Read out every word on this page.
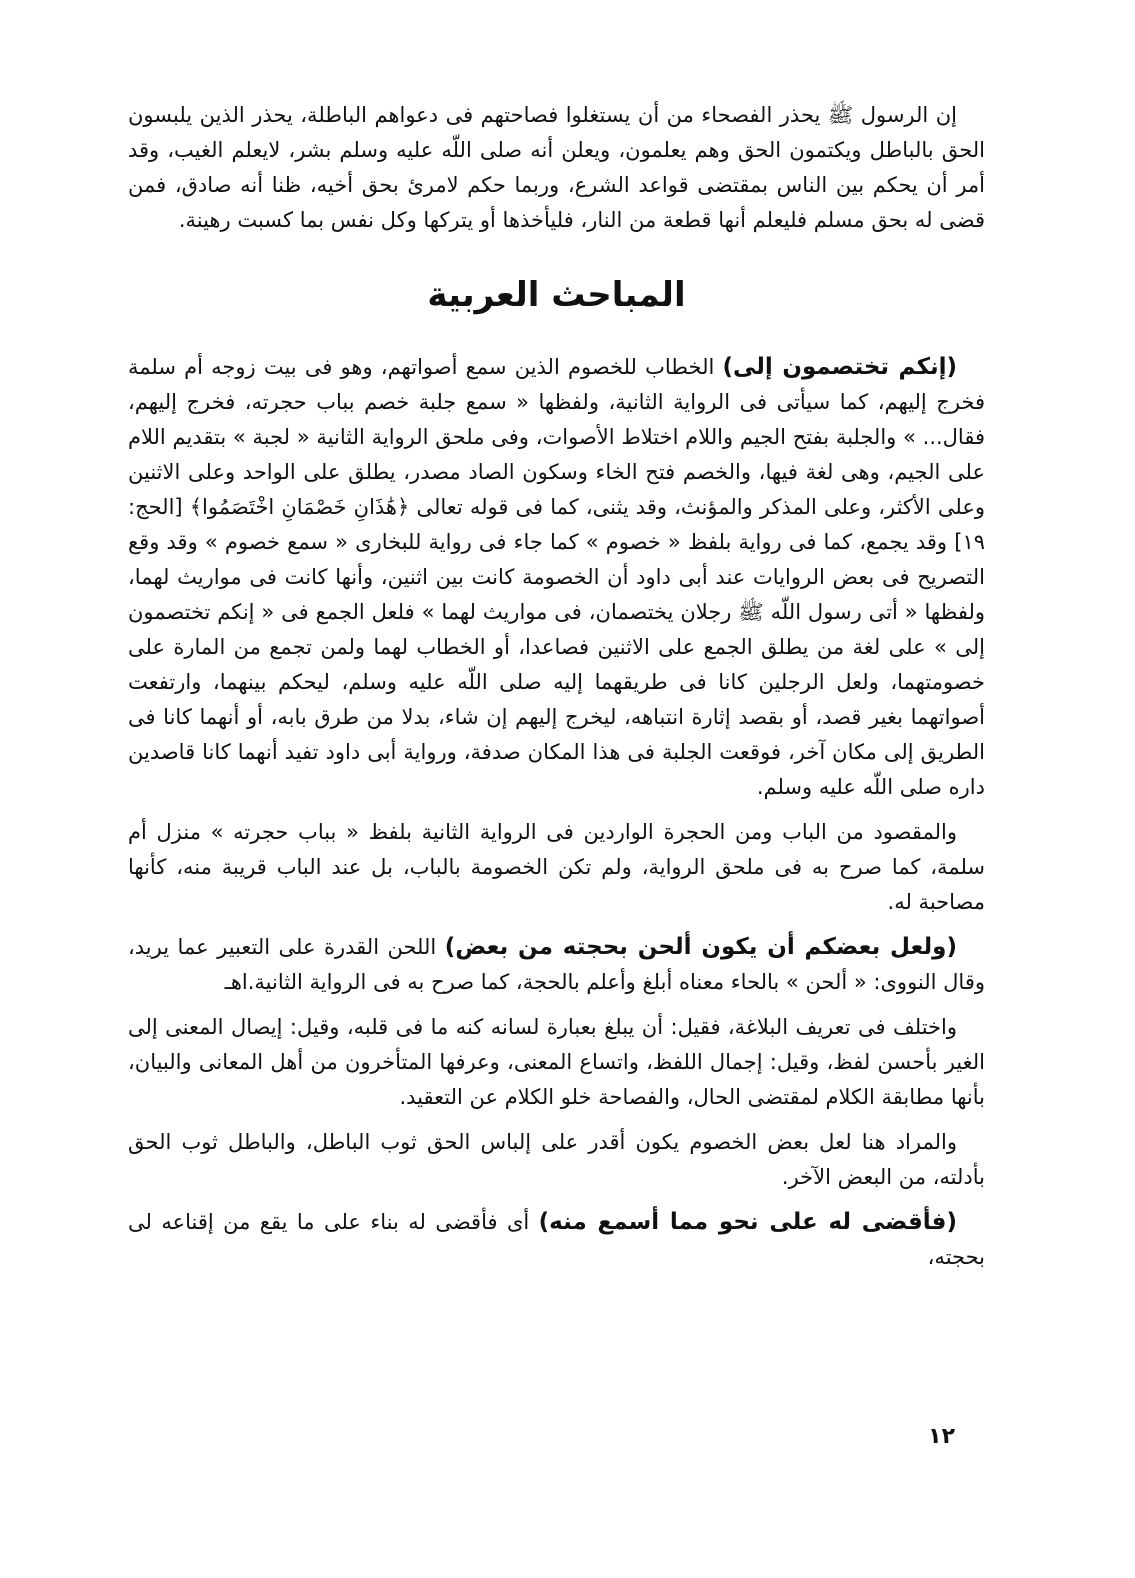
إن الرسول ﷺ يحذر الفصحاء من أن يستغلوا فصاحتهم فى دعواهم الباطلة، يحذر الذين يلبسون الحق بالباطل ويكتمون الحق وهم يعلمون، ويعلن أنه صلى اللّه عليه وسلم بشر، لايعلم الغيب، وقد أمر أن يحكم بين الناس بمقتضى قواعد الشرع، وربما حكم لامرئ بحق أخيه، ظنا أنه صادق، فمن قضى له بحق مسلم فليعلم أنها قطعة من النار، فليأخذها أو يتركها وكل نفس بما كسبت رهينة.

المباحث العربية

(إنكم تختصمون إلى) الخطاب للخصوم الذين سمع أصواتهم، وهو فى بيت زوجه أم سلمة فخرج إليهم، كما سيأتى فى الرواية الثانية، ولفظها « سمع جلبة خصم بباب حجرته، فخرج إليهم، فقال... » والجلبة بفتح الجيم واللام اختلاط الأصوات، وفى ملحق الرواية الثانية « لجبة » بتقديم اللام على الجيم، وهى لغة فيها، والخصم فتح الخاء وسكون الصاد مصدر، يطلق على الواحد وعلى الاثنين وعلى الأكثر، وعلى المذكر والمؤنث، وقد يثنى، كما فى قوله تعالى ﴿هَٰذَانِ خَصْمَانِ اخْتَصَمُوا﴾ [الحج: ١٩] وقد يجمع، كما فى رواية بلفظ « خصوم » كما جاء فى رواية للبخارى « سمع خصوم » وقد وقع التصريح فى بعض الروايات عند أبى داود أن الخصومة كانت بين اثنين، وأنها كانت فى مواريث لهما، ولفظها « أتى رسول اللّه ﷺ رجلان يختصمان، فى مواريث لهما » فلعل الجمع فى « إنكم تختصمون إلى » على لغة من يطلق الجمع على الاثنين فصاعدا، أو الخطاب لهما ولمن تجمع من المارة على خصومتهما، ولعل الرجلين كانا فى طريقهما إليه صلى اللّه عليه وسلم، ليحكم بينهما، وارتفعت أصواتهما بغير قصد، أو بقصد إثارة انتباهه، ليخرج إليهم إن شاء، بدلا من طرق بابه، أو أنهما كانا فى الطريق إلى مكان آخر، فوقعت الجلبة فى هذا المكان صدفة، ورواية أبى داود تفيد أنهما كانا قاصدين داره صلى اللّه عليه وسلم.

والمقصود من الباب ومن الحجرة الواردين فى الرواية الثانية بلفظ « بباب حجرته » منزل أم سلمة، كما صرح به فى ملحق الرواية، ولم تكن الخصومة بالباب، بل عند الباب قريبة منه، كأنها مصاحبة له.

(ولعل بعضكم أن يكون ألحن بحجته من بعض) اللحن القدرة على التعبير عما يريد، وقال النووى: « ألحن » بالحاء معناه أبلغ وأعلم بالحجة، كما صرح به فى الرواية الثانية.اهـ

واختلف فى تعريف البلاغة، فقيل: أن يبلغ بعبارة لسانه كنه ما فى قلبه، وقيل: إيصال المعنى إلى الغير بأحسن لفظ، وقيل: إجمال اللفظ، واتساع المعنى، وعرفها المتأخرون من أهل المعانى والبيان، بأنها مطابقة الكلام لمقتضى الحال، والفصاحة خلو الكلام عن التعقيد.

والمراد هنا لعل بعض الخصوم يكون أقدر على إلباس الحق ثوب الباطل، والباطل ثوب الحق بأدلته، من البعض الآخر.

(فأقضى له على نحو مما أسمع منه) أى فأقضى له بناء على ما يقع من إقناعه لى بحجته،

١٢
